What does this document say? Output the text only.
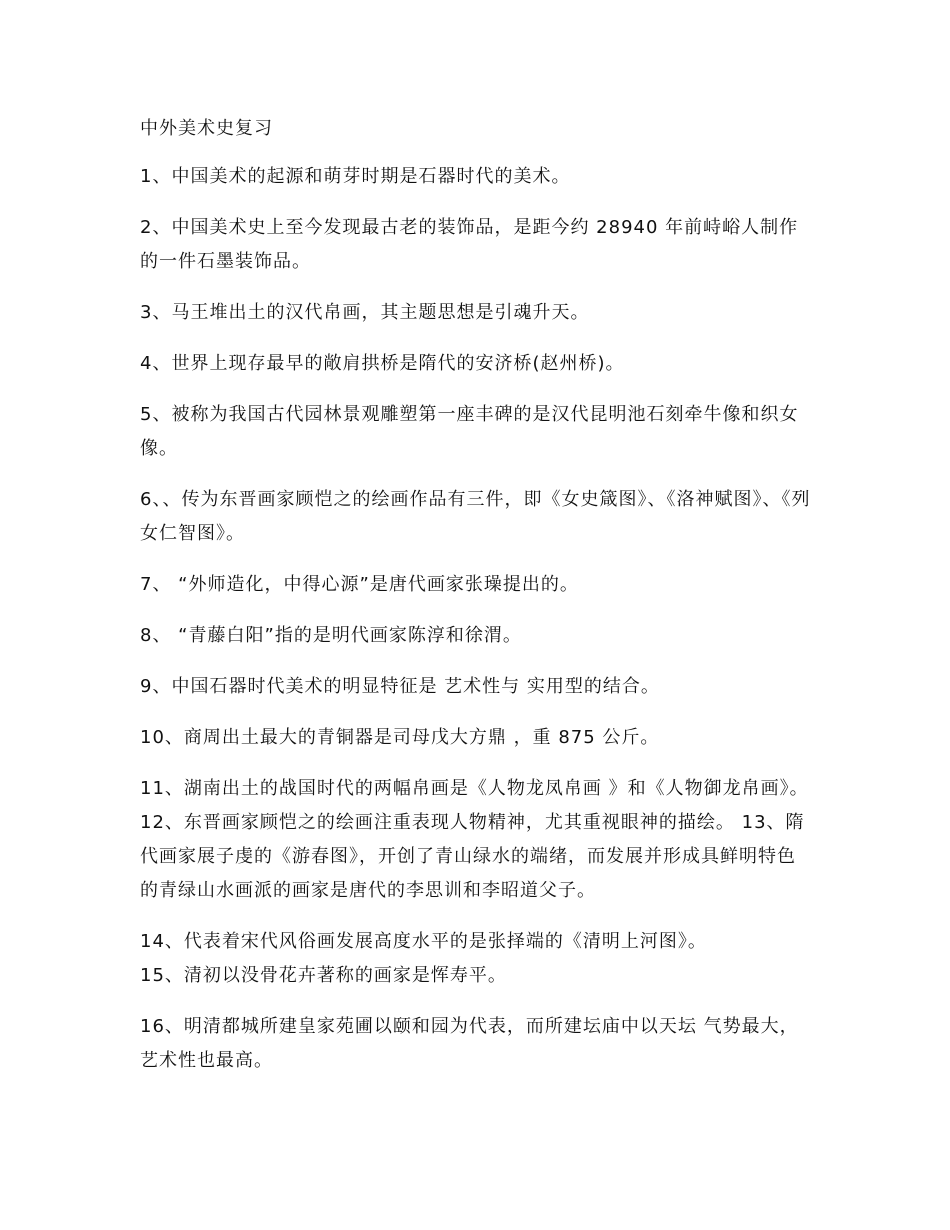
中外美术史复习

1、中国美术的起源和萌芽时期是石器时代的美术。

2、中国美术史上至今发现最古老的装饰品，是距今约 28940 年前峙峪人制作的一件石墨装饰品。

3、马王堆出土的汉代帛画，其主题思想是引魂升天。

4、世界上现存最早的敞肩拱桥是隋代的安济桥(赵州桥)。

5、被称为我国古代园林景观雕塑第一座丰碑的是汉代昆明池石刻牵牛像和织女像。

6、、传为东晋画家顾恺之的绘画作品有三件，即《女史箴图》、《洛神赋图》、《列女仁智图》。

7、 “外师造化，中得心源”是唐代画家张璪提出的。

8、 “青藤白阳”指的是明代画家陈淳和徐渭。

9、中国石器时代美术的明显特征是 艺术性与 实用型的结合。

10、商周出土最大的青铜器是司母戊大方鼎 ，重 875 公斤。

11、湖南出土的战国时代的两幅帛画是《人物龙凤帛画 》和《人物御龙帛画》。 12、东晋画家顾恺之的绘画注重表现人物精神，尤其重视眼神的描绘。 13、隋代画家展子虔的《游春图》，开创了青山绿水的端绪，而发展并形成具鲜明特色的青绿山水画派的画家是唐代的李思训和李昭道父子。

14、代表着宋代风俗画发展高度水平的是张择端的《清明上河图》。

15、清初以没骨花卉著称的画家是恽寿平。

16、明清都城所建皇家苑圃以颐和园为代表，而所建坛庙中以天坛 气势最大，艺术性也最高。
